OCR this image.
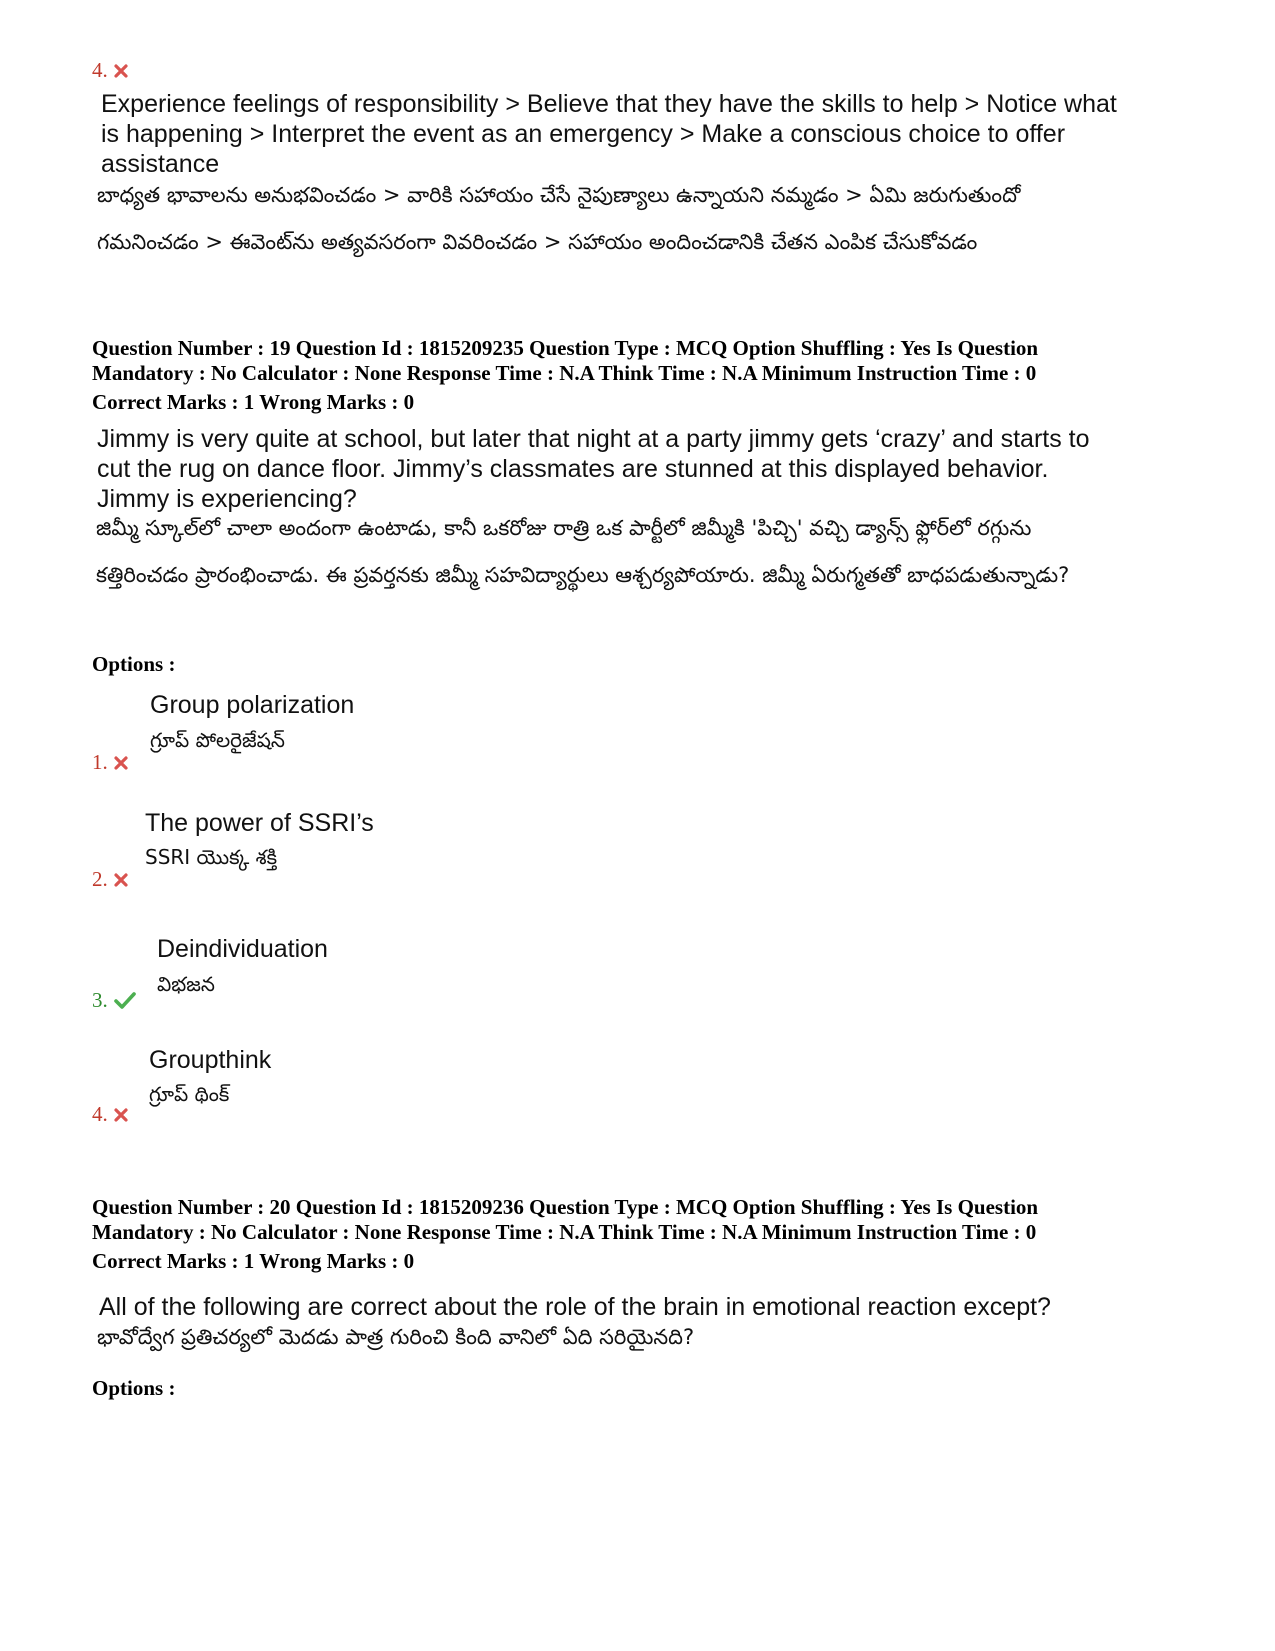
4.
Experience feelings of responsibility > Believe that they have the skills to help > Notice what is happening > Interpret the event as an emergency > Make a conscious choice to offer assistance
బాధ్యత భావాలను అనుభవించడం > వారికి సహాయం చేసే నైపుణ్యాలు ఉన్నాయని నమ్మడం > ఏమి జరుగుతుందో గమనించడం > ఈవెంట్‌ను అత్యవసరంగా వివరించడం > సహాయం అందించడానికి చేతన ఎంపిక చేసుకోవడం
Question Number : 19 Question Id : 1815209235 Question Type : MCQ Option Shuffling : Yes Is Question Mandatory : No Calculator : None Response Time : N.A Think Time : N.A Minimum Instruction Time : 0
Correct Marks : 1 Wrong Marks : 0
Jimmy is very quite at school, but later that night at a party jimmy gets ‘crazy’ and starts to cut the rug on dance floor. Jimmy’s classmates are stunned at this displayed behavior. Jimmy is experiencing?
జిమ్మీ స్కూల్‌లో చాలా అందంగా ఉంటాడు, కానీ ఒకరోజు రాత్రి ఒక పార్టీలో జిమ్మీకి 'పిచ్చి' వచ్చి డ్యాన్స్ ఫ్లోర్‌లో రగ్గును కత్తిరించడం ప్రారంభించాడు. ఈ ప్రవర్తనకు జిమ్మీ సహవిద్యార్థులు ఆశ్చర్యపోయారు. జిమ్మీ ఏరుగ్మతతో బాధపడుతున్నాడు?
Options :
Group polarization
గ్రూప్ పోలరైజేషన్
1.
The power of SSRI’s
SSRI యొక్క శక్తి
2.
Deindividuation
విభజన
3.
Groupthink
గ్రూప్ థింక్
4.
Question Number : 20 Question Id : 1815209236 Question Type : MCQ Option Shuffling : Yes Is Question Mandatory : No Calculator : None Response Time : N.A Think Time : N.A Minimum Instruction Time : 0
Correct Marks : 1 Wrong Marks : 0
All of the following are correct about the role of the brain in emotional reaction except?
భావోద్వేగ ప్రతిచర్యలో మెదడు పాత్ర గురించి కింది వానిలో ఏది సరియైనది?
Options :
